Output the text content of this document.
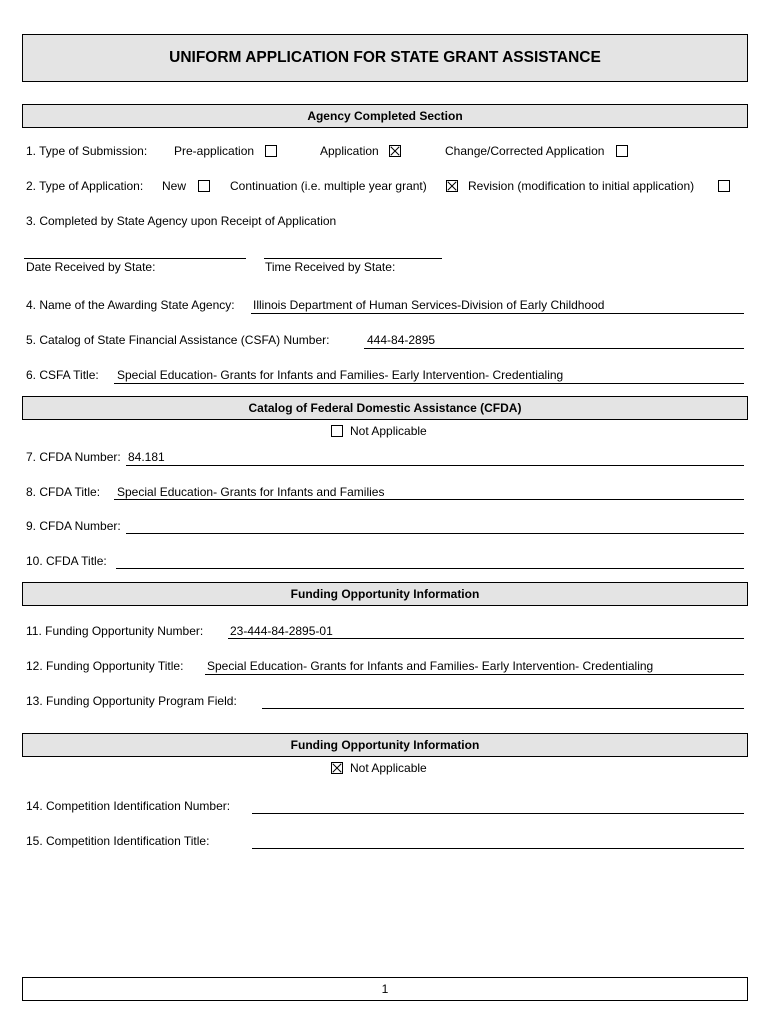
UNIFORM APPLICATION FOR STATE GRANT ASSISTANCE
Agency Completed Section
1. Type of Submission: Pre-application	Application	Change/Corrected Application
2. Type of Application: New	Continuation (i.e. multiple year grant)	Revision (modification to initial application)
3. Completed by State Agency upon Receipt of Application
Date Received by State:	Time Received by State:
4. Name of the Awarding State Agency: Illinois Department of Human Services-Division of Early Childhood
5. Catalog of State Financial Assistance (CSFA) Number:	444-84-2895
6. CSFA Title: Special Education- Grants for Infants and Families- Early Intervention- Credentialing
Catalog of Federal Domestic Assistance (CFDA)
Not Applicable
7. CFDA Number: 84.181
8. CFDA Title: Special Education- Grants for Infants and Families
9. CFDA Number:
10. CFDA Title:
Funding Opportunity Information
11. Funding Opportunity Number: 23-444-84-2895-01
12. Funding Opportunity Title: Special Education- Grants for Infants and Families- Early Intervention- Credentialing
13. Funding Opportunity Program Field:
Funding Opportunity Information
Not Applicable
14. Competition Identification Number:
15. Competition Identification Title:
1
